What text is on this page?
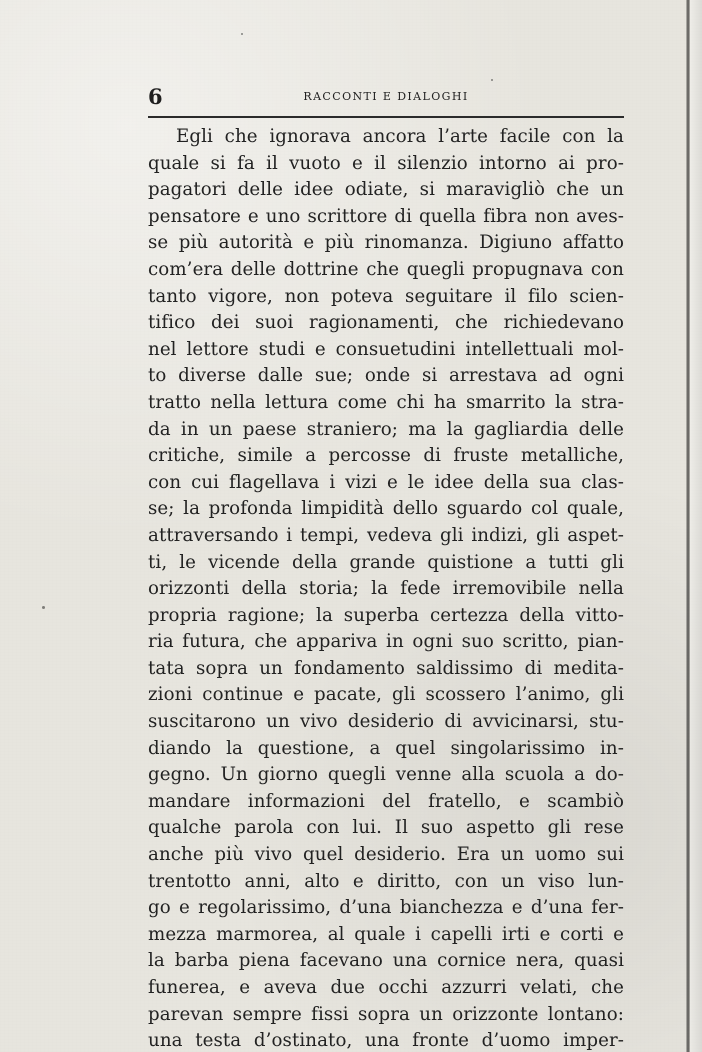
6	RACCONTI E DIALOGHI
Egli che ignorava ancora l’arte facile con la
quale si fa il vuoto e il silenzio intorno ai pro-
pagatori delle idee odiate, si maravigliò che un
pensatore e uno scrittore di quella fibra non aves-
se più autorità e più rinomanza. Digiuno affatto
com’era delle dottrine che quegli propugnava con
tanto vigore, non poteva seguitare il filo scien-
tifico dei suoi ragionamenti, che richiedevano
nel lettore studi e consuetudini intellettuali mol-
to diverse dalle sue; onde si arrestava ad ogni
tratto nella lettura come chi ha smarrito la stra-
da in un paese straniero; ma la gagliardia delle
critiche, simile a percosse di fruste metalliche,
con cui flagellava i vizi e le idee della sua clas-
se; la profonda limpidità dello sguardo col quale,
attraversando i tempi, vedeva gli indizi, gli aspet-
ti, le vicende della grande quistione a tutti gli
orizzonti della storia; la fede irremovibile nella
propria ragione; la superba certezza della vitto-
ria futura, che appariva in ogni suo scritto, pian-
tata sopra un fondamento saldissimo di medita-
zioni continue e pacate, gli scossero l’animo, gli
suscitarono un vivo desiderio di avvicinarsi, stu-
diando la questione, a quel singolarissimo in-
gegno. Un giorno quegli venne alla scuola a do-
mandare informazioni del fratello, e scambiò
qualche parola con lui. Il suo aspetto gli rese
anche più vivo quel desiderio. Era un uomo sui
trentotto anni, alto e diritto, con un viso lun-
go e regolarissimo, d’una bianchezza e d’una fer-
mezza marmorea, al quale i capelli irti e corti e
la barba piena facevano una cornice nera, quasi
funerea, e aveva due occhi azzurri velati, che
parevan sempre fissi sopra un orizzonte lontano:
una testa d’ostinato, una fronte d’uomo imper-
